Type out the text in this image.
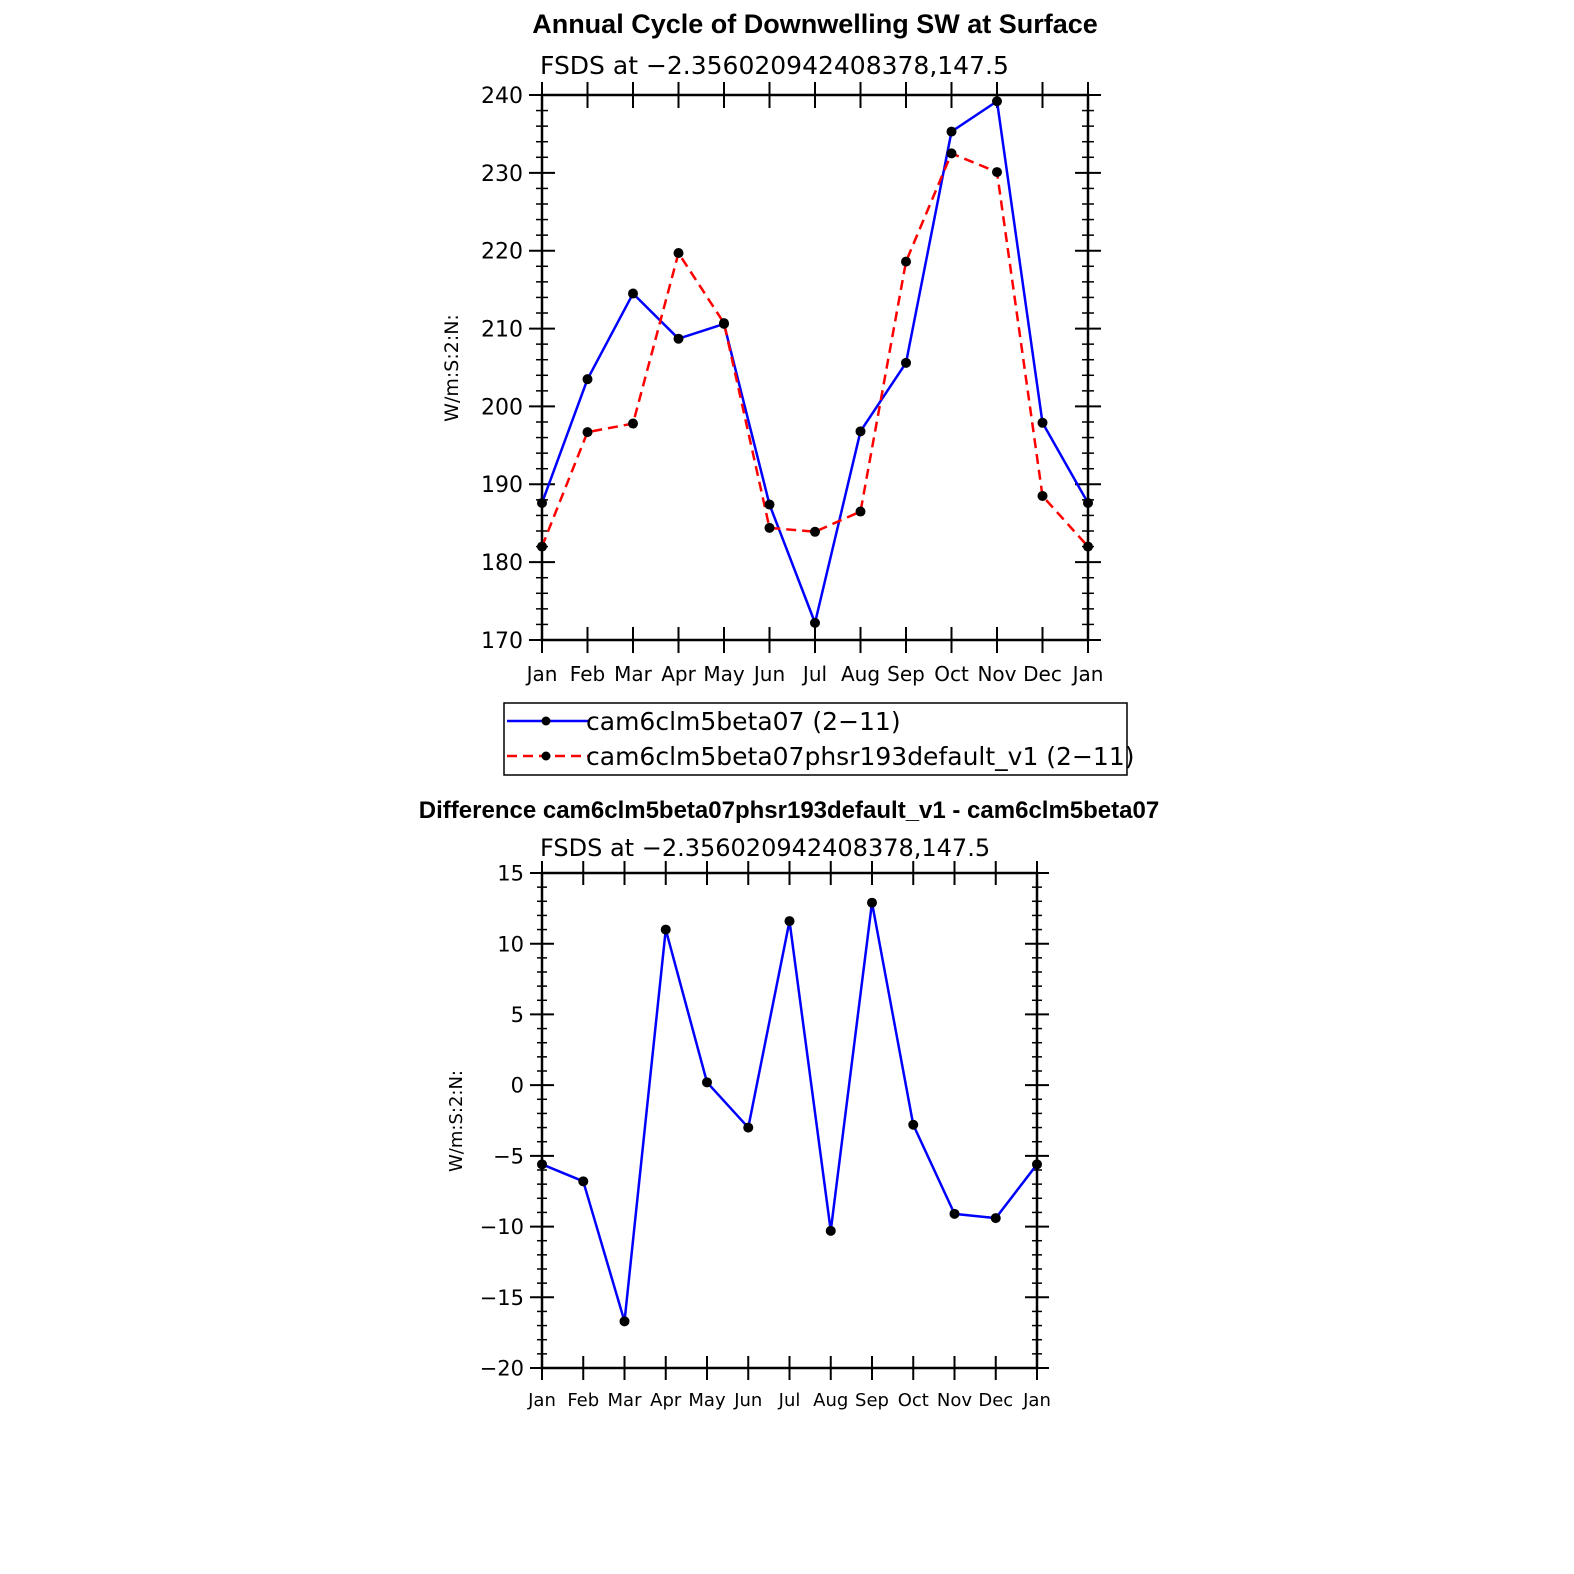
Annual Cycle of Downwelling SW at Surface
FSDS at −2.356020942408378,147.5
W/m:S:2:N:
170
180
190
200
210
220
230
240
Jan Feb Mar Apr May Jun Jul Aug Sep Oct Nov Dec Jan
cam6clm5beta07 (2−11)
cam6clm5beta07phsr193default_v1 (2−11)
Difference cam6clm5beta07phsr193default_v1 - cam6clm5beta07
FSDS at −2.356020942408378,147.5
W/m:S:2:N:
−20
−15
−10
−5
0
5
10
15
Jan Feb Mar Apr May Jun Jul Aug Sep Oct Nov Dec Jan
